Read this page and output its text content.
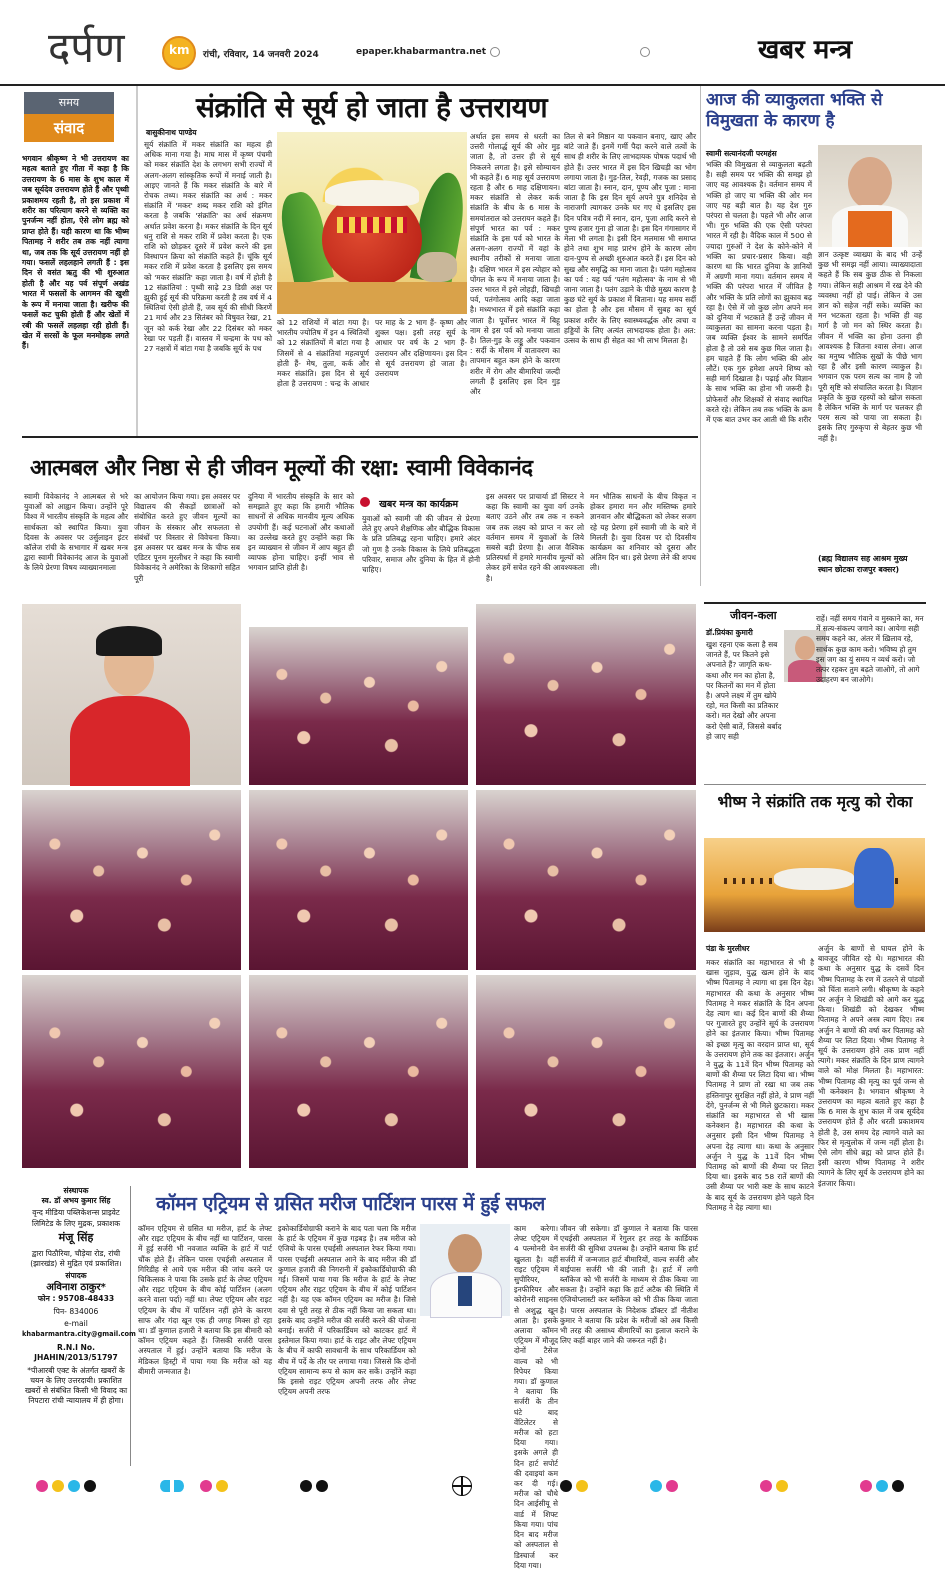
दर्पण	km रांची, रविवार, 14 जनवरी 2024	epaper.khabarmantra.net	खबर मन्त्र
समय
संवाद
भगवान श्रीकृष्ण ने भी उत्तरायण का महत्व बताते हुए गीता में कहा है कि उत्तरायण के 6 मास के शुभ काल में जब सूर्यदेव उत्तरायण होते हैं और पृथ्वी प्रकाशमय रहती है, तो इस प्रकाश में शरीर का परित्याग करने से व्यक्ति का पुनर्जन्म नहीं होता, ऐसे लोग ब्रह्म को प्राप्त होते हैं। यही कारण था कि भीष्म पितामह ने शरीर तब तक नहीं त्यागा था, जब तक कि सूर्य उत्तरायण नहीं हो गया। फसलें लहलहाने लगती हैं : इस दिन से वसंत ऋतु की भी शुरुआत होती है और यह पर्व संपूर्ण अखंड भारत में फसलों के आगमन की खुशी के रूप में मनाया जाता है। खरीफ की फसलें कट चुकी होती हैं और खेतों में रबी की फसलें लहलहा रही होती हैं। खेत में सरसों के फूल मनमोहक लगते हैं।
संक्रांति से सूर्य हो जाता है उत्तरायण
बासुकीनाथ पाण्डेय
सूर्य संक्रांति में मकर संक्रांति का महत्व ही अधिक माना गया है। माघ मास में कृष्ण पंचमी को मकर संक्रांति देश के लगभग सभी राज्यों में अलग-अलग सांस्कृतिक रूपों में मनाई जाती है। आइए जानते हैं कि मकर संक्रांति के बारे में रोचक तथ्य। मकर संक्रांति का अर्थ : मकर संक्रांति में 'मकर' शब्द मकर राशि को इंगित करता है जबकि 'संक्रांति' का अर्थ संक्रमण अर्थात प्रवेश करना है। मकर संक्रांति के दिन सूर्य धनु राशि से मकर राशि में प्रवेश करता है। एक राशि को छोड़कर दूसरे में प्रवेश करने की इस विस्थापन क्रिया को संक्रांति कहते हैं। चूंकि सूर्य मकर राशि में प्रवेश करता है इसलिए इस समय को 'मकर संक्रांति' कहा जाता है। वर्ष में होती है 12 संक्रांतियां : पृथ्वी साढ़े 23 डिग्री अक्ष पर झुकी हुई सूर्य की परिक्रमा करती है तब वर्ष में 4 स्थितियां ऐसी होती हैं, जब सूर्य की सीधी किरणें 21 मार्च और 23 सितंबर को विषुवत रेखा, 21 जून को कर्क रेखा और 22 दिसंबर को मकर रेखा पर पड़ती हैं। वास्तव में चन्द्रमा के पथ को 27 नक्षत्रों में बांटा गया है जबकि सूर्य के पथ
को 12 राशियों में बांटा गया है। भारतीय ज्योतिष में इन 4 स्थितियों को 12 संक्रांतियों में बांटा गया है जिसमें से 4 संक्रांतियां महत्वपूर्ण होती हैं- मेष, तुला, कर्क और मकर संक्रांति। इस दिन से सूर्य होता है उत्तरायण : चन्द्र के आधार पर माह के 2 भाग हैं- कृष्ण और शुक्ल पक्ष। इसी तरह सूर्य के आधार पर वर्ष के 2 भाग हैं- उत्तरायन और दक्षिणायन। इस दिन से सूर्य उत्तरायण हो जाता है। उत्तरायण
अर्थात इस समय से धरती का उत्तरी गोलार्द्ध सूर्य की ओर मुड़ जाता है, तो उत्तर ही से सूर्य निकलने लगता है। इसे सोम्यायन भी कहते हैं। 6 माह सूर्य उत्तरायण रहता है और 6 माह दक्षिणायन। मकर संक्रांति से लेकर कर्क संक्रांति के बीच के 6 मास के समयांतराल को उत्तरायन कहते हैं। संपूर्ण भारत का पर्व : मकर संक्रांति के इस पर्व को भारत के अलग-अलग राज्यों में वहां के स्थानीय तरीकों से मनाया जाता है। दक्षिण भारत में इस त्योहार को पोंगल के रूप में मनाया जाता है। उत्तर भारत में इसे लोहड़ी, खिचड़ी पर्व, पतंगोत्सव आदि कहा जाता है। मध्यभारत में इसे संक्रांति कहा जाता है। पूर्वोत्तर भारत में बिहू नाम से इस पर्व को मनाया जाता है। तिल-गुड़ के लड्डू और पकवान : सर्दी के मौसम में वातावरण का तापमान बहुत कम होने के कारण शरीर में रोग और बीमारियां जल्दी लगती हैं इसलिए इस दिन गुड़ और
तिल से बने मिष्ठान या पकवान बनाए, खाए और बांटे जाते हैं। इनमें गर्मी पैदा करने वाले तत्वों के साथ ही शरीर के लिए लाभदायक पोषक पदार्थ भी होते हैं। उत्तर भारत में इस दिन खिचड़ी का भोग लगाया जाता है। गुड़-तिल, रेवड़ी, गजक का प्रसाद बांटा जाता है। स्नान, दान, पूण्य और पूजा : माना जाता है कि इस दिन सूर्य अपने पुत्र शनिदेव से नाराजगी त्यागकर उनके घर गए थे इसलिए इस दिन पवित्र नदी में स्नान, दान, पूजा आदि करने से पुण्य हजार गुना हो जाता है। इस दिन गंगासागर में मेला भी लगता है। इसी दिन मलमास भी समाप्त होने तथा शुभ माह प्रारंभ होने के कारण लोग दान-पुण्य से अच्छी शुरुआत करते हैं। इस दिन को सुख और समृद्धि का माना जाता है। पतंग महोत्सव का पर्व : यह पर्व 'पतंग महोत्सव' के नाम से भी जाना जाता है। पतंग उड़ाने के पीछे मुख्य कारण है कुछ घंटे सूर्य के प्रकाश में बिताना। यह समय सर्दी का होता है और इस मौसम में सुबह का सूर्य प्रकाश शरीर के लिए स्वास्थ्यवर्द्धक और त्वचा व हड्डियों के लिए अत्यंत लाभदायक होता है। अत: उत्सव के साथ ही सेहत का भी लाभ मिलता है।
आज की व्याकुलता भक्ति से विमुखता के कारण है
स्वामी सत्यानंदजी परमहंस
भक्ति की विमुखता से व्याकुलता बढ़ती है। सही समय पर भक्ति की समझ हो जाए यह आवश्यक है। वर्तमान समय में भक्ति हो जाए या भक्ति की ओर मन जाए यह बड़ी बात है। यह देश गुरु परंपरा से चलता है। पहले भी और आज भी। गुरु भक्ति की एक ऐसी परंपरा भारत में रही है। वैदिक काल में 500 से ज्यादा गुरुओं ने देश के कोने-कोने में भक्ति का प्रचार-प्रसार किया। वही कारण था कि भारत दुनिया के ज्ञानियों में अग्रणी माना गया। वर्तमान समय में भक्ति की परंपरा भारत में जीवित है और भक्ति के प्रति लोगों का झुकाव बढ़ रहा है। ऐसे में जो कुछ लोग अपने मन को दुनिया में भटकाते हैं उन्हें जीवन में व्याकुलता का सामना करना पड़ता है। जब व्यक्ति ईश्वर के सामने समर्पित होता है तो उसे सब कुछ मिल जाता है। हम चाहते हैं कि लोग भक्ति की ओर लौटें। एक गुरु हमेशा अपने शिष्य को सही मार्ग दिखाता है। पढ़ाई और विज्ञान के साथ भक्ति का होना भी जरूरी है। प्रोफेसरों और शिक्षकों से संवाद स्थापित करते रहे। लेकिन तब तक भक्ति के क्रम में एक बात उभर कर आती थी कि शरीर
ज्ञान उत्कृष्ट व्याख्या के बाद भी उन्हें कुछ भी समझ नहीं आया। व्याख्यादाता कहते हैं कि सब कुछ ठीक से निकला गया। लेकिन सही आश्रम में रख देने की व्यवस्था नहीं हो पाई। लेकिन वे उस ज्ञान को सहेज नहीं सके। व्यक्ति का मन भटकता रहता है। भक्ति ही वह मार्ग है जो मन को स्थिर करता है। जीवन में भक्ति का होना उतना ही आवश्यक है जितना श्वास लेना। आज का मनुष्य भौतिक सुखों के पीछे भाग रहा है और इसी कारण व्याकुल है। भगवान एक परम सत्य का नाम है जो पूरी सृष्टि को संचालित करता है। विज्ञान प्रकृति के कुछ रहस्यों को खोज सकता है लेकिन भक्ति के मार्ग पर चलकर ही परम सत्य को पाया जा सकता है। इसके लिए गुरुकृपा से बेहतर कुछ भी नहीं है।
(ब्रह्म विद्यालय सह आश्रम मुख्य स्थान छोटका राजपुर बक्सर)
आत्मबल और निष्ठा से ही जीवन मूल्यों की रक्षा: स्वामी विवेकानंद
स्वामी विवेकानंद ने आत्मबल से भरे युवाओं को आह्वान किया। उन्होंने पूरे विश्व में भारतीय संस्कृति के महत्व और सार्थकता को स्थापित किया। युवा दिवस के अवसर पर उर्सुलाइन इंटर कॉलेज रांची के सभागार में खबर मन्त्र द्वारा स्वामी विवेकानंद आज के युवाओं के लिये प्रेरणा विषय व्याख्यानमाला
का आयोजन किया गया। इस अवसर पर विद्यालय की सैकड़ों छात्राओं को संबोधित करते हुए जीवन मूल्यों का जीवन के संस्कार और सफलता से संबंधों पर विस्तार से विवेचना किया। इस अवसर पर खबर मन्त्र के चीफ सब एडिटर पूनम मुरलीधर ने कहा कि स्वामी विवेकानंद ने अमेरिका के शिकागो सहित पूरी
दुनिया में भारतीय संस्कृति के सार को समझाते हुए कहा कि हमारी भौतिक साधनों से अधिक मानवीय मूल्य अधिक उपयोगी हैं। कई घटनाओं और कथाओं का उल्लेख करते हुए उन्होंने कहा कि इन व्याख्यान से जीवन में आप बहुत ही व्यापक होना चाहिए। इन्हीं भाव से भगवान प्राप्ति होती है।
खबर मन्त्र का कार्यक्रम
युवाओं को स्वामी जी की जीवन से प्रेरणा लेते हुए अपने शैक्षणिक और बौद्धिक विकास के प्रति प्रतिबद्ध रहना चाहिए। हमारे अंदर जो गुण है उनके विकास के लिये प्रतिबद्धता परिवार, समाज और दुनिया के हित में होनी चाहिए।
इस अवसर पर प्राचार्या डॉ सिस्टर ने कहा कि स्वामी का युवा वर्ग उनके बताए उठने और तब तक न रुकने जब तक लक्ष्य को प्राप्त न कर लो वर्तमान समय में युवाओं के लिये सबसे बड़ी प्रेरणा है। आज वैश्विक प्रतिस्पर्धा में हमारे मानवीय मूल्यों को लेकर हमें सचेत रहने की आवश्यकता है।
मन भौतिक साधनों के बीच विकृत न होकर हमारा मन और मस्तिष्क हमारे ज्ञानवान और बौद्धिकता को लेकर सजग रहे यह प्रेरणा हमें स्वामी जी के बारे में मिलती है। युवा दिवस पर दो दिवसीय कार्यक्रम का शनिवार को दूसरा और अंतिम दिन था। इसे प्रेरणा लेने की शपथ ली।
जीवन-कला
डॉ.प्रियंका कुमारी
खुश रहना एक कला है सब जानते हैं, पर कितने इसे अपनाते हैं? जागृति कथ-कथा और मन का होता है, पर कितनों का मन में होता है। अपने लक्ष्य में तुम खोये रहो, मत किसी का प्रतिकार करो। मत देखो और अपना करो ऐसी बातें, जिससे बर्बाद हो जाए सही
राहें। नहीं समय गंवाने व मुस्काने का, मन में सत्य-संकल्प जगाने का। आयेगा सही समय कहने का, अंतर में ख़िलाव रहे, सार्थक कुछ काम करो। भविष्य हो तुम इस जग का युं समय न व्यर्थ करो। जो तत्पर रहकर तुम बढ़ते जाओगे, तो आगे उदाहरण बन जाओगे।
भीष्म ने संक्रांति तक मृत्यु को रोका
पंडा के मुरलीधर
मकर संक्रांति का महाभारत से भी है खास जुड़ाव, युद्ध खत्म होने के बाद भीष्म पितामह ने त्यागा था इस दिन देह। महाभारत की कथा के अनुसार भीष्म पितामह ने मकर संक्रांति के दिन अपना देह त्याग था। कई दिन बाणों की शैय्या पर गुजारते हुए उन्होंने सूर्य के उत्तरायण होने का इंतजार किया। भीष्म पितामह को इच्छा मृत्यु का वरदान प्राप्त था, सूर्य के उत्तरायण होने तक का इंतजार। अर्जुन ने युद्ध के 11वें दिन भीष्म पितामह को बाणों की शैय्या पर लिटा दिया था। भीष्म पितामह ने प्राण तो रखा था जब तक हस्तिनापुर सुरक्षित नहीं होते, वे प्राण नहीं देंगे, पुनर्जन्म से भी मिले छुटकारा। मकर संक्रांति का महाभारत से भी खास कनेक्शन है। महाभारत की कथा के अनुसार इसी दिन भीष्म पितामह ने अपना देह त्यागा था। कथा के अनुसार अर्जुन ने युद्ध के 11वें दिन भीष्म पितामह को बाणों की शैय्या पर लिटा दिया था। इसके बाद 58 रातें बाणों की उसी शैय्या पर भारी कष्ट के साथ काटने के बाद सूर्य के उत्तरायण होने पहले दिन पितामह ने देह त्यागा था।
अर्जुन के बाणों से घायल होने के बावजूद जीवित रहे थे। महाभारत की कथा के अनुसार युद्ध के दसवें दिन भीष्म पितामह के रण में उतरने से पांडवों को चिंता सताने लगी। श्रीकृष्ण के कहने पर अर्जुन ने शिखंडी को आगे कर युद्ध किया। शिखंडी को देखकर भीष्म पितामह ने अपने अस्त्र त्याग दिए। तब अर्जुन ने बाणों की वर्षा कर पितामह को शैय्या पर लिटा दिया। भीष्म पितामह ने सूर्य के उत्तरायण होने तक प्राण नहीं त्यागे। मकर संक्रांति के दिन प्राण त्यागने वाले को मोक्ष मिलता है। महाभारत: भीष्म पितामह की मृत्यु का पूर्व जन्म से भी कनेक्शन है। भगवान श्रीकृष्ण ने उत्तरायण का महत्व बताते हुए कहा है कि 6 मास के शुभ काल में जब सूर्यदेव उत्तरायण होते हैं और धरती प्रकाशमय होती है, उस समय देह त्यागने वाले का फिर से मृत्युलोक में जन्म नहीं होता है। ऐसे लोग सीधे ब्रह्म को प्राप्त होते हैं। इसी कारण भीष्म पितामह ने शरीर त्यागने के लिए सूर्य के उत्तरायण होने का इंतजार किया।
संस्थापक
स्व. डॉ अभय कुमार सिंह
वृन्द मीडिया पब्लिकेशन्स प्राइवेट लिमिटेड के लिए मुद्रक, प्रकाशक
मंजू सिंह
द्वारा पिठौरिया, चौड़ेया रोड, रांची (झारखंड) से मुद्रित एवं प्रकाशित।
संपादक
अविनाश ठाकुर*
फोन : 95708-48433
पिन- 834006
e-mail
khabarmantra.city@gmail.com
R.N.I No. JHAHIN/2013/51797
*पीआरबी एक्ट के अंतर्गत खबरों के चयन के लिए उत्तरदायी। प्रकाशित खबरों से संबंधित किसी भी विवाद का निपटारा रांची न्यायालय में ही होगा।
कॉमन एट्रियम से ग्रसित मरीज पार्टिशन पारस में हुई सफल
कॉमन एट्रियम से ग्रसित था मरीज, हार्ट के लेफ्ट और राइट एट्रियम के बीच नहीं था पार्टिशन, पारस में हुई सर्जरी भी नवजात व्यक्ति के हार्ट में पार्ट चौंक होते हैं। लेकिन पारस एचईसी अस्पताल में गिरिडीह से आये एक मरीज की जांच करने पर चिकित्सक ने पाया कि उसके हार्ट के लेफ्ट एट्रियम और राइट एट्रियम के बीच कोई पार्टिशन (अलग करने वाला पर्दा) नहीं था। लेफ्ट एट्रियम और राइट एट्रियम के बीच में पार्टिशन नहीं होने के कारण साफ और गंदा खून एक ही जगह मिक्स हो रहा था। डॉ कुणाल हजारी ने बताया कि इस बीमारी को कॉमन एट्रियम कहते हैं। जिसकी सर्जरी पारस अस्पताल में हुई। उन्होंने बताया कि मरीज के मेडिकल हिस्ट्री में पाया गया कि मरीज को यह बीमारी जन्मजात है।
इकोकार्डियोग्राफी कराने के बाद पता चला कि मरीज के हार्ट के एट्रियम में कुछ गड़बड़ है। तब मरीज को एंजियो के पारस एचईसी अस्पताल रेफर किया गया। पारस एचईसी अस्पताल आने के बाद मरीज की डॉ कुणाल हजारी की निगरानी में इकोकार्डियोग्राफी की गई। जिसमें पाया गया कि मरीज के हार्ट के लेफ्ट एट्रियम और राइट एट्रियम के बीच में कोई पार्टिशन नहीं है। यह एक कॉमन एट्रियम का मरीज है। जिसे दवा से पूरी तरह से ठीक नहीं किया जा सकता था। इसके बाद उन्होंने मरीज की सर्जरी करने की योजना बनाई। सर्जरी में परिकार्डियम को काटकर हार्ट में इस्तेमाल किया गया। हार्ट के राइट और लेफ्ट एट्रियम के बीच में काफी सावधानी के साथ परिकार्डियम को बीच में पर्दे के तौर पर लगाया गया। जिससे कि दोनों एट्रियम सामान्य रूप से काम कर सकें। उन्होंने कहा कि इससे राइट एट्रियम अपनी तरफ और लेफ्ट एट्रियम अपनी तरफ
काम करेगा। लेफ्ट एट्रियम में 4 पल्मोनरी वेन खुलता है। वहीं राइट एट्रियम में सुपीरियर, इनफीरियर और कोरोनरी साइनस से अशुद्ध खून आता है। इसके अलावा कॉमन एट्रियम में मौजूद दोनों टैसेज वाल्व को भी रिपेयर किया गया। डॉ कुणाल ने बताया कि सर्जरी के तीन घंटे बाद वेंटिलेटर से मरीज को हटा दिया गया। इसके अगले ही दिन हार्ट सपोर्ट की दवाइयां कम कर दी गई। मरीज को चौथे दिन आईसीयू से वार्ड में शिफ्ट किया गया। पांच दिन बाद मरीज को अस्पताल से डिस्चार्ज कर दिया गया।
जीवन जी सकेगा। डॉ कुणाल ने बताया कि पारस एचईसी अस्पताल में रेगुलर हर तरह के कार्डियक सर्जरी की सुविधा उपलब्ध है। उन्होंने बताया कि हार्ट सर्जरी में जन्मजात हार्ट बीमारियों, वाल्व सर्जरी और बाईपास सर्जरी भी की जाती है। हार्ट में लगी ब्लॉकेज को भी सर्जरी के माध्यम से ठीक किया जा सकता है। उन्होंने कहा कि हार्ट अटैक की स्थिति में एंजियोप्लास्टी कर ब्लॉकेज को भी ठीक किया जाता है। पारस अस्पताल के निदेशक डॉक्टर डॉ नीतीश कुमार ने बताया कि प्रदेश के मरीजों को अब किसी भी तरह की असाध्य बीमारियों का इलाज कराने के लिए कहीं बाहर जाने की जरूरत नहीं है।
